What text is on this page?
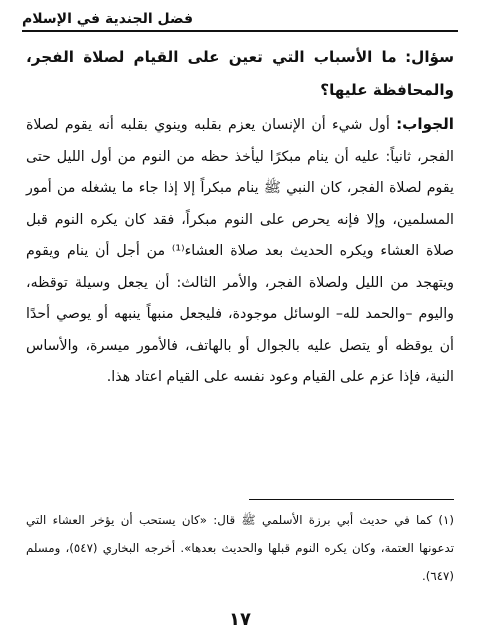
فضل الجندية في الإسلام

سؤال: ما الأسباب التي تعين على القيام لصلاة الفجر، والمحافظة عليها؟

الجواب: أول شيء أن الإنسان يعزم بقلبه وينوي بقلبه أنه يقوم لصلاة الفجر، ثانياً: عليه أن ينام مبكرًا ليأخذ حظه من النوم من أول الليل حتى يقوم لصلاة الفجر، كان النبي ﷺ ينام مبكراً إلا إذا جاء ما يشغله من أمور المسلمين، وإلا فإنه يحرص على النوم مبكراً، فقد كان يكره النوم قبل صلاة العشاء ويكره الحديث بعد صلاة العشاء⁽¹⁾ من أجل أن ينام ويقوم ويتهجد من الليل ولصلاة الفجر، والأمر الثالث: أن يجعل وسيلة توقظه، واليوم –والحمد لله– الوسائل موجودة، فليجعل منبهاً ينبهه أو يوصي أحدًا أن يوقظه أو يتصل عليه بالجوال أو بالهاتف، فالأمور ميسرة، والأساس النية، فإذا عزم على القيام وعود نفسه على القيام اعتاد هذا.

(١) كما في حديث أبي برزة الأسلمي ﷺ قال: «كان يستحب أن يؤخر العشاء التي تدعونها العتمة، وكان يكره النوم قبلها والحديث بعدها». أخرجه البخاري (٥٤٧)، ومسلم (٦٤٧).

١٧
